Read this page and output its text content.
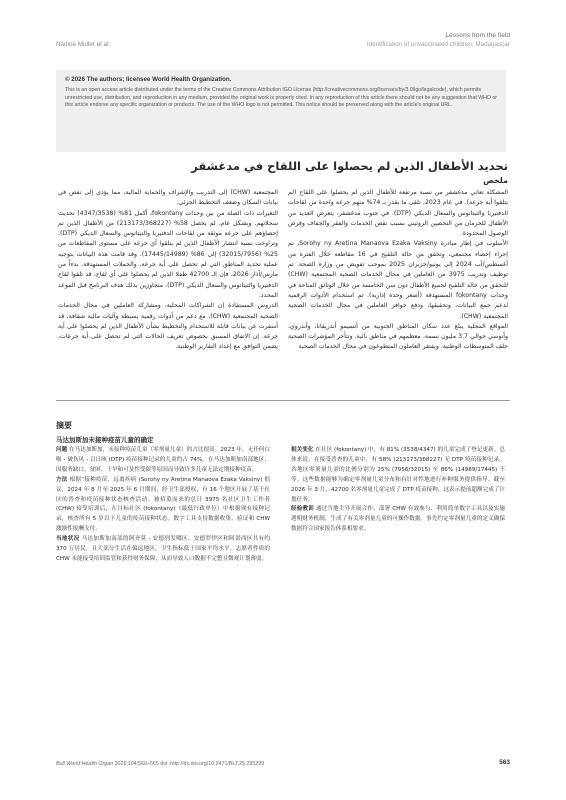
Nadine Muller et al.
Lessons from the field
Identification of unvaccinated children, Madagascar
© 2026 The authors; licensee World Health Organization.
This is an open access article distributed under the terms of the Creative Commons Attribution IGO License (http://creativecommons.org/licenses/by/3.0/igo/legalcode), which permits unrestricted use, distribution, and reproduction in any medium, provided the original work is properly cited. In any reproduction of this article there should not be any suggestion that WHO or this article endorse any specific organization or products. The use of the WHO logo is not permitted. This notice should be preserved along with the article's original URL.
تحديد الأطفال الذين لم يحصلوا على اللقاح في مدغشقر
ملخص

المشكلة تعاني مدغشقر من نسبة مرتفعة للأطفال الذين لم يحصلوا على اللقاح (لم يتلقوا أية جرعة). في عام 2023، تلقى ما يقدر بـ 74% منهم جرعة واحدة من لقاحات الدفتيريا والتيتانوس والسعال الديكي (DTP). في جنوب مدغشقر، يتعرض العديد من الأطفال للحرمان من التحصين الروتيني بسبب نقص الخدمات والفقر والجفاف وفرص الوصول المحدودة.

الأسلوب في إطار مبادرة Sorohy ny Aretina Manaova Ezaka Vaksiny، تم إجراء إحصاء مجتمعي، وتحقق من حالة التلقيح في 16 مقاطعة خلال الفترة من أغسطس/آب 2024 إلى يونيو/حزيران 2025 بموجب تفويض من وزارة الصحة. تم توظيف وتدريب 3975 من العاملين في مجال الخدمات الصحية المجتمعية (CHW) للتحقق من حالة التلقيح لجميع الأطفال دون سن الخامسة من خلال الوثائق المتاحة في وحدات fokontany المستهدفة (أصغر وحدة إدارية). تم استخدام الأدوات الرقمية لدعم جمع البيانات، وتحقيقها، ودفع حوافز العاملين في مجال الخدمات الصحية المجتمعية (CHW).

المواقع المحلية يبلغ عدد سكان المناطق الجنوبية من أتسيمو أندريفانا، وأندروي، وأنوسي حوالي 3.7 مليون نسمة، معظمهم في مناطق نائية. وتتأخر المؤشرات الصحية خلف المتوسطات الوطنية. ويفتقر العاملون المتطوعون في مجال الخدمات الصحية

المجتمعية (CHW) إلى التدريب والإشراف والحماية المالية، مما يؤدي إلى نقص في بيانات السكان وضعف التخطيط الجزئي.

التغيرات ذات الصلة من بين وحدات fokontany، أكمل 81% (4347/3538) تحديث سجلاتهم. وبشكل عام، لم يحصل 58% (213173/368227) من الأطفال الذين تم إحصاؤهم على جرعة موثقة من لقاحات الدفتيريا والتيتانوس والسعال الديكي (DTP). وتراوحت نسبة انتشار الأطفال الذين لم يتلقوا أي جرعة على مستوى المقاطعات من 25% (32015/7956) إلى 86% (17445/14989). وقد قامت هذه البيانات بتوجيه عملية تحديد المناطق التي لم تحصل على أية جرعة، والحملات المستهدفة. بدءاً من مارس/آذار 2026، فإن الـ 42700 طفلا الذين لم يحصلوا على أي لقاح، قد تلقوا لقاح الدفتيريا والتيتانوس والسعال الديكي (DTP)، متجاوزين بذلك هدف البرنامج قبل الموعد المحدد.

الدروس المستفادة إن الشراكات المحلية، ومشاركة العاملين في مجال الخدمات الصحية المجتمعية (CHW)، مع دعم من أدوات رقمية بسيطة وآليات مالية شفافة، قد أسفرت عن بيانات قابلة للاستخدام والتخطيط بشأن الأطفال الذين لم يحصلوا على أية جرعة. إن الاتفاق المسبق بخصوص تعريف الحالات التي لم تحصل على أية جرعات، يضمن التوافق مع إعداد التقارير الوطنية.

摘要
马达加斯加未接种疫苗儿童的确定

问题 在马达加斯加，未接种疫苗儿童（零剂量儿童）的占比很高。2023 年，无任何白喉 - 破伤风 - 百日咳 (DTP) 疫苗接种记录的儿童约占 74%。在马达加斯加南部地区，因服务缺口、贫困、干旱和可及性受限等原因而导致许多儿童无法定期接种疫苗。

方法 根据“接种疫苗，远离疾病 (Sorohy ny Aretina Manaova Ezaka Vaksiny) 倡议，2024 年 8 月至 2025 年 6 月期间，经卫生部授权，有 16 个地区开展了基于社区的普查和疫苗接种状态核查活动。被招募而来的总计 3975 名社区卫生工作者 (CHW) 接受培训后，在目标社区 (fokontany)（最低行政单位）中根据现有接种记录，核查所有 5 岁以下儿童的疫苗接种状态。数字工具支持数据收集、验证和 CHW 激励性报酬支付。

当地状况 马达加斯加南部的阿齐莫 - 安德列发哪区、安德罗伊区和阿诺西区共有约 370 万居民，且大部分生活在偏远地区，卫生指标低于国家平均水平。志愿者性质的 CHW 未能接受培训监管和获得财务保障，从而导致人口数据不完整且微观计划薄弱。

相关变化 在社区 (fokontany) 中，有 81% (3538/4347) 的儿童完成了登记更新。总体来说，在接受普查的儿童中，有 58% (213173/368227) 无 DTP 疫苗接种记录。各地区零剂量儿童的比例分别为 25% (7956/32015) 至 86% (14989/17445) 不等。这些数据能够为确定零剂量儿童分布和有针对性地进行补种服务提供指导。截至 2026 年 3 月，42700 名零剂量儿童完成了 DTP 疫苗接种，这表示提前超额完成了计划任务。

经验教训 通过当地主导开展合作、部署 CHW 有效参与、利用简单数字工具以及实施透明财务机制，生成了有关零剂量儿童的可操作数据。事先约定零剂量儿童的定义确保数据符合国家报告体系相要求。

Bull World Health Organ 2026;104:560–565 doi: http://dx.doi.org/10.2471/BLT.25.295299	563
